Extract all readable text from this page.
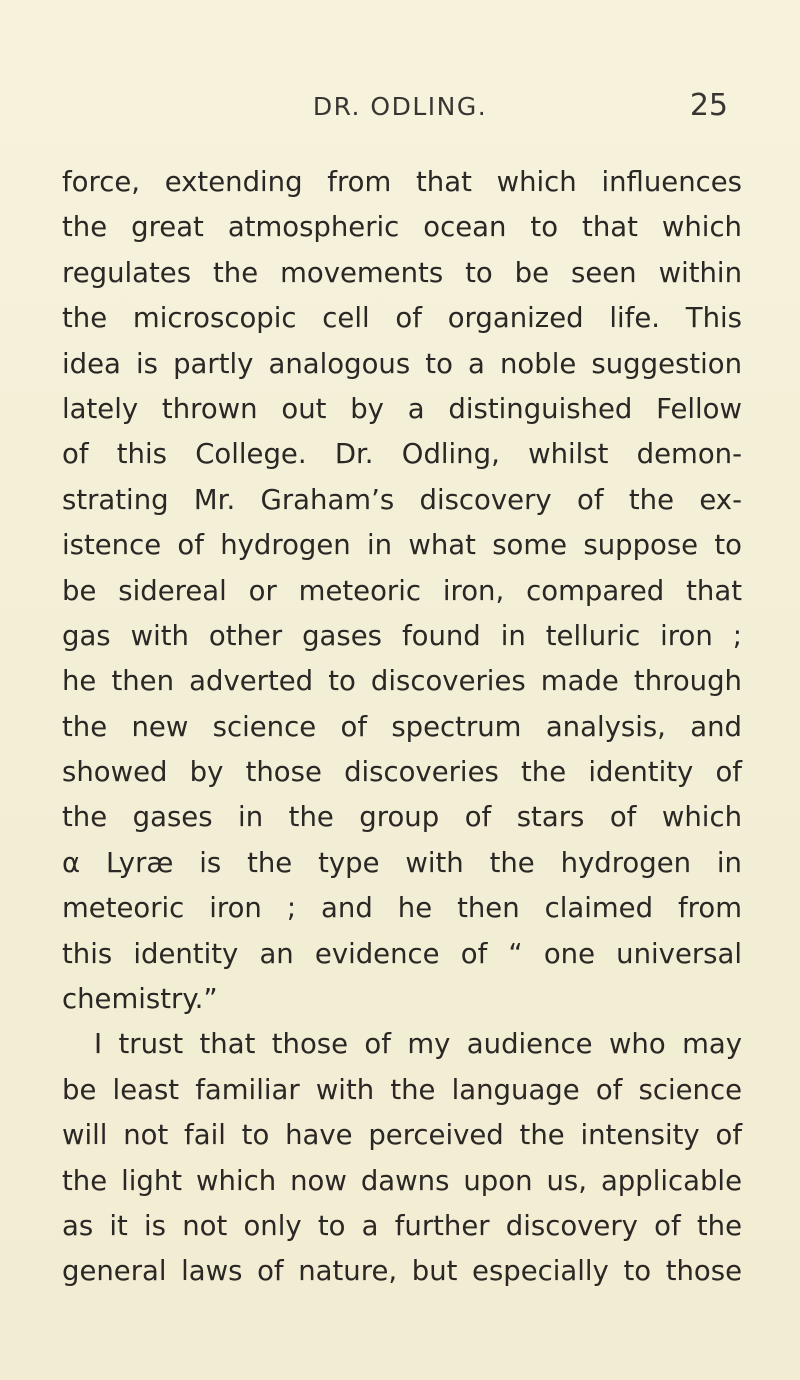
DR. ODLING.	25
force, extending from that which influences
the great atmospheric ocean to that which
regulates the movements to be seen within
the microscopic cell of organized life. This
idea is partly analogous to a noble suggestion
lately thrown out by a distinguished Fellow
of this College. Dr. Odling, whilst demon-
strating Mr. Graham’s discovery of the ex-
istence of hydrogen in what some suppose to
be sidereal or meteoric iron, compared that
gas with other gases found in telluric iron ;
he then adverted to discoveries made through
the new science of spectrum analysis, and
showed by those discoveries the identity of
the gases in the group of stars of which
α Lyræ is the type with the hydrogen in
meteoric iron ; and he then claimed from
this identity an evidence of “ one universal
chemistry.”
I trust that those of my audience who may
be least familiar with the language of science
will not fail to have perceived the intensity of
the light which now dawns upon us, applicable
as it is not only to a further discovery of the
general laws of nature, but especially to those
